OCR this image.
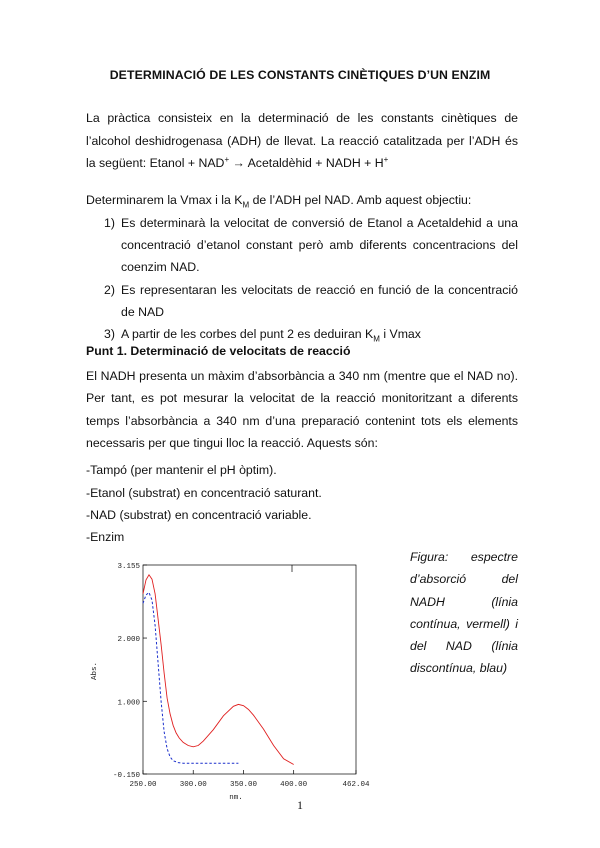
DETERMINACIÓ DE LES CONSTANTS CINÈTIQUES D’UN ENZIM
La pràctica consisteix en la determinació de les constants cinètiques de l’alcohol deshidrogenasa (ADH) de llevat. La reacció catalitzada per l’ADH és la següent: Etanol + NAD+ → Acetaldèhid + NADH + H+
Determinarem la Vmax i la $K_M$ de l’ADH pel NAD. Amb aquest objectiu:
1) Es determinarà la velocitat de conversió de Etanol a Acetaldehid a una concentració d’etanol constant però amb diferents concentracions del coenzim NAD.
2) Es representaran les velocitats de reacció en funció de la concentració de NAD
3) A partir de les corbes del punt 2 es deduiran $K_M$ i Vmax
Punt 1. Determinació de velocitats de reacció
El NADH presenta un màxim d’absorbància a 340 nm (mentre que el NAD no). Per tant, es pot mesurar la velocitat de la reacció monitoritzant a diferents temps l’absorbància a 340 nm d’una preparació contenint tots els elements necessaris per que tingui lloc la reacció. Aquests són:
-Tampó (per mantenir el pH òptim).
-Etanol (substrat) en concentració saturant.
-NAD (substrat) en concentració variable.
-Enzim
3.155
2.000
1.000
-0.150
250.00	300.00	350.00	400.00	462.04
Abs.
nm.
Figura: espectre d’absorció del NADH (línia contínua, vermell) i del NAD (línia discontínua, blau)
1
